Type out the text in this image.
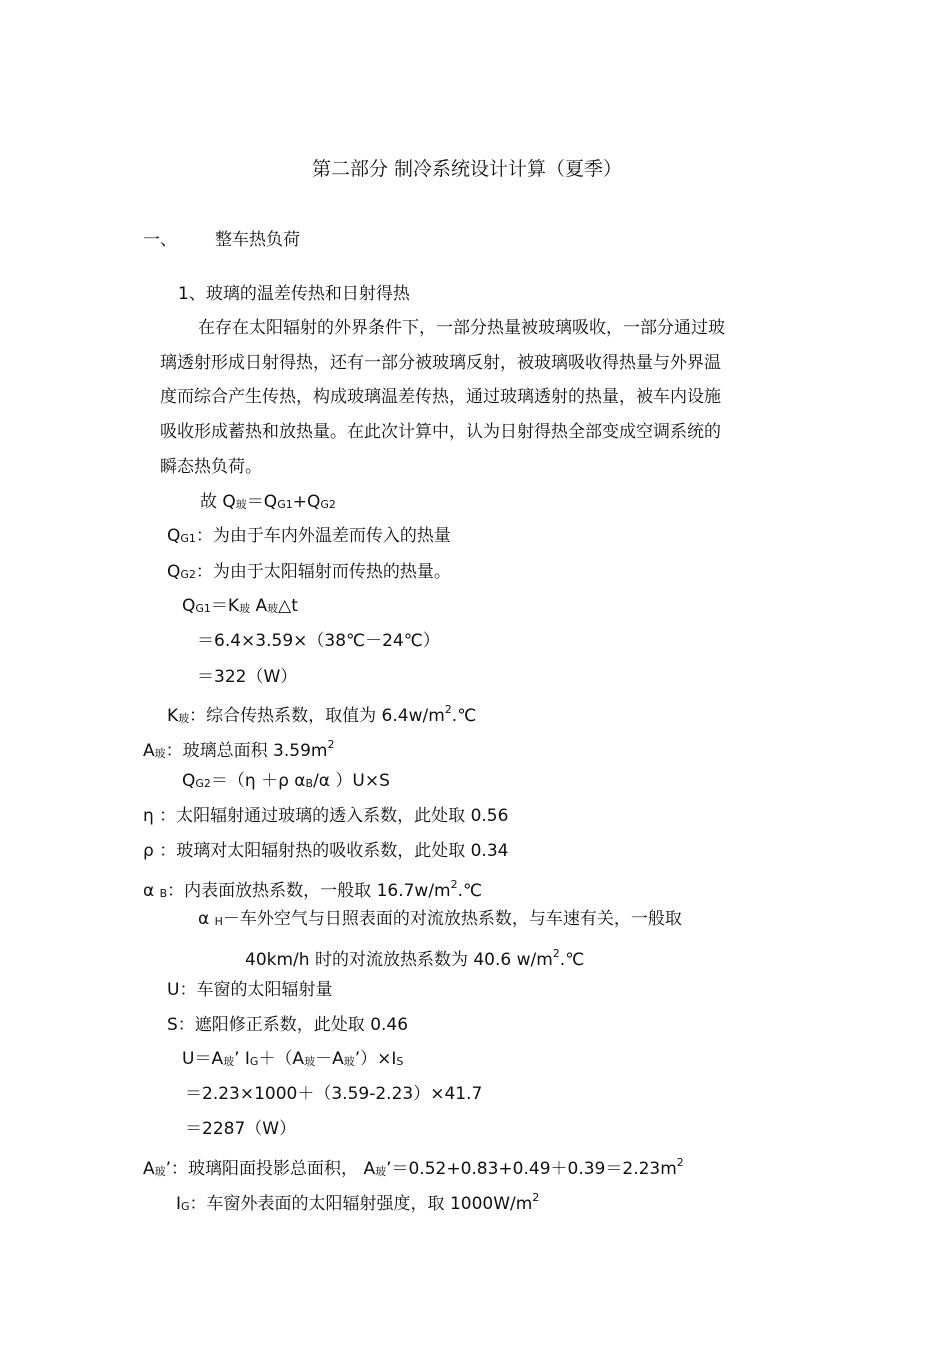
第二部分 制冷系统设计计算（夏季）
一、 整车热负荷
1、玻璃的温差传热和日射得热
在存在太阳辐射的外界条件下，一部分热量被玻璃吸收，一部分通过玻
璃透射形成日射得热，还有一部分被玻璃反射，被玻璃吸收得热量与外界温
度而综合产生传热，构成玻璃温差传热，通过玻璃透射的热量，被车内设施
吸收形成蓄热和放热量。在此次计算中，认为日射得热全部变成空调系统的
瞬态热负荷。
故 Q玻＝QG1+QG2
QG1：为由于车内外温差而传入的热量
QG2：为由于太阳辐射而传热的热量。
QG1＝K玻 A玻△t
＝6.4×3.59×（38℃－24℃）
＝322（W）
K玻：综合传热系数，取值为 $6.4w/m^2.℃$
A玻：玻璃总面积 $3.59m^2$
QG2＝（η ＋ρ αB/α ）U×S
η ：太阳辐射通过玻璃的透入系数，此处取 0.56
ρ ：玻璃对太阳辐射热的吸收系数，此处取 0.34
α B：内表面放热系数，一般取 $16.7w/m^2.℃$
α H－车外空气与日照表面的对流放热系数，与车速有关，一般取
40km/h 时的对流放热系数为 40.6 $w/m^2.℃$
U：车窗的太阳辐射量
S：遮阳修正系数，此处取 0.46
U＝A玻’ IG＋（A玻－A玻’）×IS
＝2.23×1000＋（3.59-2.23）×41.7
＝2287（W）
A玻’：玻璃阳面投影总面积， A玻$’=0.52+0.83+0.49+0.39=2.23m^2$
IG：车窗外表面的太阳辐射强度，取 $1000W/m^2$
